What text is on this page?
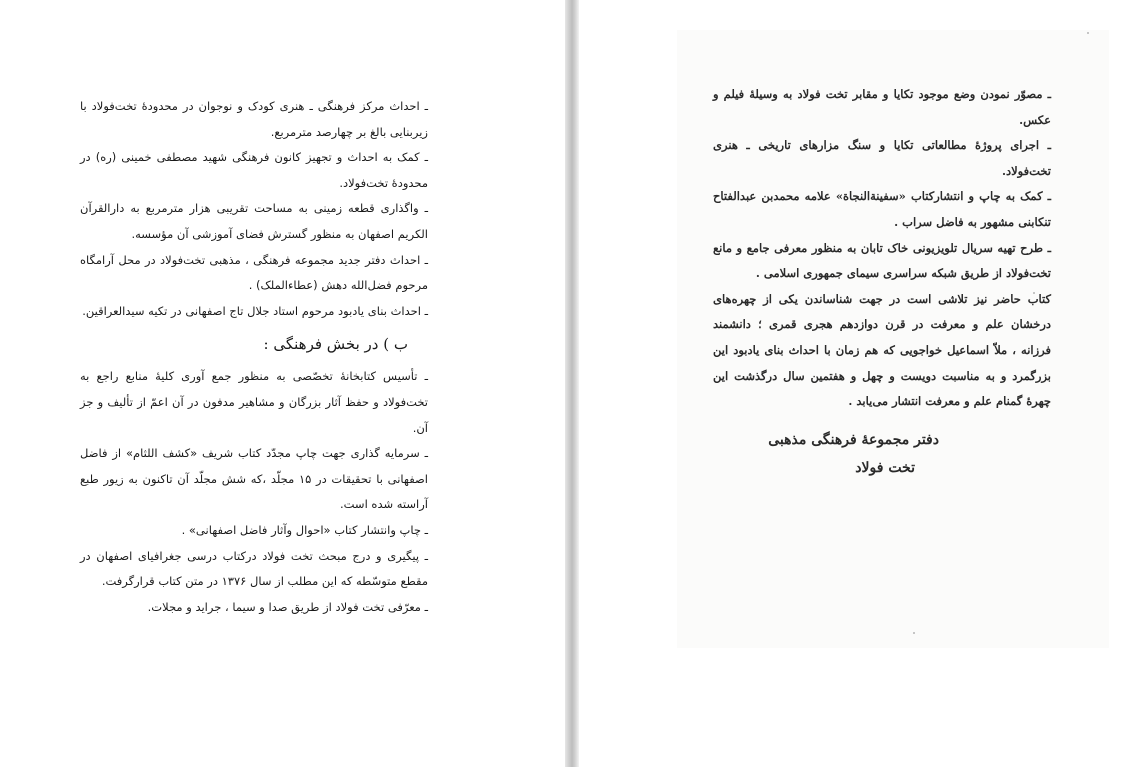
ـ احداث مرکز فرهنگی ـ هنری کودک و نوجوان در محدودهٔ تخت‌فولاد با زیربنایی بالغ بر چهارصد مترمربع.

ـ کمک به احداث و تجهیز کانون فرهنگی شهید مصطفی خمینی (ره) در محدودهٔ تخت‌فولاد.

ـ واگذاری قطعه زمینی به مساحت تقریبی هزار مترمربع به دارالقرآن الکریم اصفهان به منظور گسترش فضای آموزشی آن مؤسسه.

ـ احداث دفتر جدید مجموعه فرهنگی ، مذهبی تخت‌فولاد در محل آرامگاه مرحوم فضل‌الله دهش (عطاءالملک) .

ـ احداث بنای یادبود مرحوم استاد جلال تاج اصفهانی در تکیه سیدالعراقین.

ب ) در بخش فرهنگی :

ـ تأسیس کتابخانهٔ تخصّصی به منظور جمع آوری کلیهٔ منابع راجع به تخت‌فولاد و حفظ آثار بزرگان و مشاهیر مدفون در آن اعمّ از تألیف و جز آن.

ـ سرمایه گذاری جهت چاپ مجدّد کتاب شریف «کشف اللثام» از فاضل اصفهانی با تحقیقات در ۱۵ مجلّد ،که شش مجلّد آن تاکنون به زیور طبع آراسته شده است.

ـ چاپ وانتشار کتاب «احوال وآثار فاضل اصفهانی» .

ـ پیگیری و درج مبحث تخت فولاد درکتاب درسی جغرافیای اصفهان در مقطع متوسّطه که این مطلب از سال ۱۳۷۶ در متن کتاب قرارگرفت.

ـ معرّفی تخت فولاد از طریق صدا و سیما ، جراید و مجلات.

ـ مصوّر نمودن وضع موجود تکایا و مقابر تخت فولاد به وسیلهٔ فیلم و عکس.

ـ اجرای پروژهٔ مطالعاتی تکایا و سنگ مزارهای تاریخی ـ هنری تخت‌فولاد.

ـ کمک به چاپ و انتشارکتاب «سفینةالنجاة» علامه محمدبن عبدالفتاح تنکابنی مشهور به فاضل سراب .

ـ طرح تهیه سریال تلویزیونی خاک تابان به منظور معرفی جامع و مانع تخت‌فولاد از طریق شبکه سراسری سیمای جمهوری اسلامی .

کتاب حاضر نیز تلاشی است در جهت شناساندن یکی از چهره‌های درخشان علم و معرفت در قرن دوازدهم هجری قمری ؛ دانشمند فرزانه ، ملاّ اسماعیل خواجویی که هم زمان با احداث بنای یادبود این بزرگمرد و به مناسبت دویست و چهل و هفتمین سال درگذشت این چهرهٔ گمنام علم و معرفت انتشار می‌یابد .

دفتر مجموعهٔ فرهنگی مذهبی
تخت فولاد
